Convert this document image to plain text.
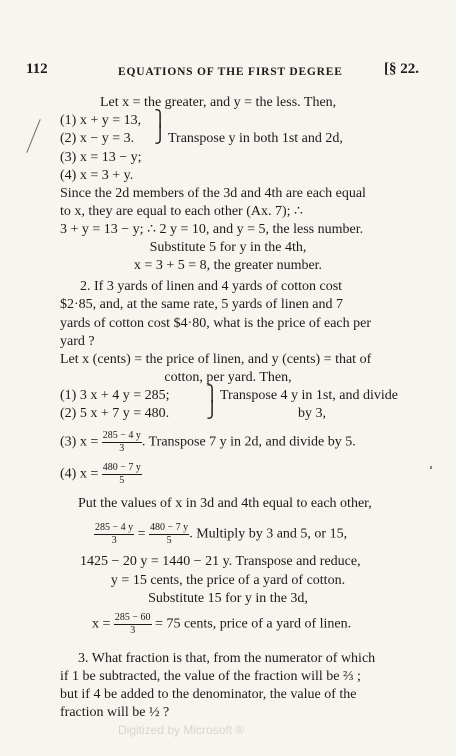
112	EQUATIONS OF THE FIRST DEGREE	[§ 22.
Let x = the greater, and y = the less. Then,
(1) x + y = 13, ⎫
(2) x − y = 3. ⎭ Transpose y in both 1st and 2d,
(3) x = 13 − y;
(4) x = 3 + y.
Since the 2d members of the 3d and 4th are each equal
to x, they are equal to each other (Ax. 7); ∴
3 + y = 13 − y; ∴ 2 y = 10, and y = 5, the less number.
Substitute 5 for y in the 4th,
x = 3 + 5 = 8, the greater number.
2. If 3 yards of linen and 4 yards of cotton cost
$2·85, and, at the same rate, 5 yards of linen and 7
yards of cotton cost $4·80, what is the price of each per
yard ?
Let x (cents) = the price of linen, and y (cents) = that of
cotton, per yard. Then,
(1) 3 x + 4 y = 285; ⎫ Transpose 4 y in 1st, and divide
(2) 5 x + 7 y = 480. ⎭	by 3,
(3) $x = \frac{285 - 4 y}{3}$ . Transpose 7 y in 2d, and divide by 5.
(4) $x = \frac{480 - 7 y}{5}$
Put the values of x in 3d and 4th equal to each other,
$\frac{285 - 4 y}{3} = \frac{480 - 7 y}{5}$ . Multiply by 3 and 5, or 15,
1425 − 20 y = 1440 − 21 y. Transpose and reduce,
y = 15 cents, the price of a yard of cotton.
Substitute 15 for y in the 3d,
$x = \frac{285 - 60}{3} = 75$ cents, price of a yard of linen.
3. What fraction is that, from the numerator of which
if 1 be subtracted, the value of the fraction will be ⅔ ;
but if 4 be added to the denominator, the value of the
fraction will be ½ ?
Digitized by Microsoft ®
